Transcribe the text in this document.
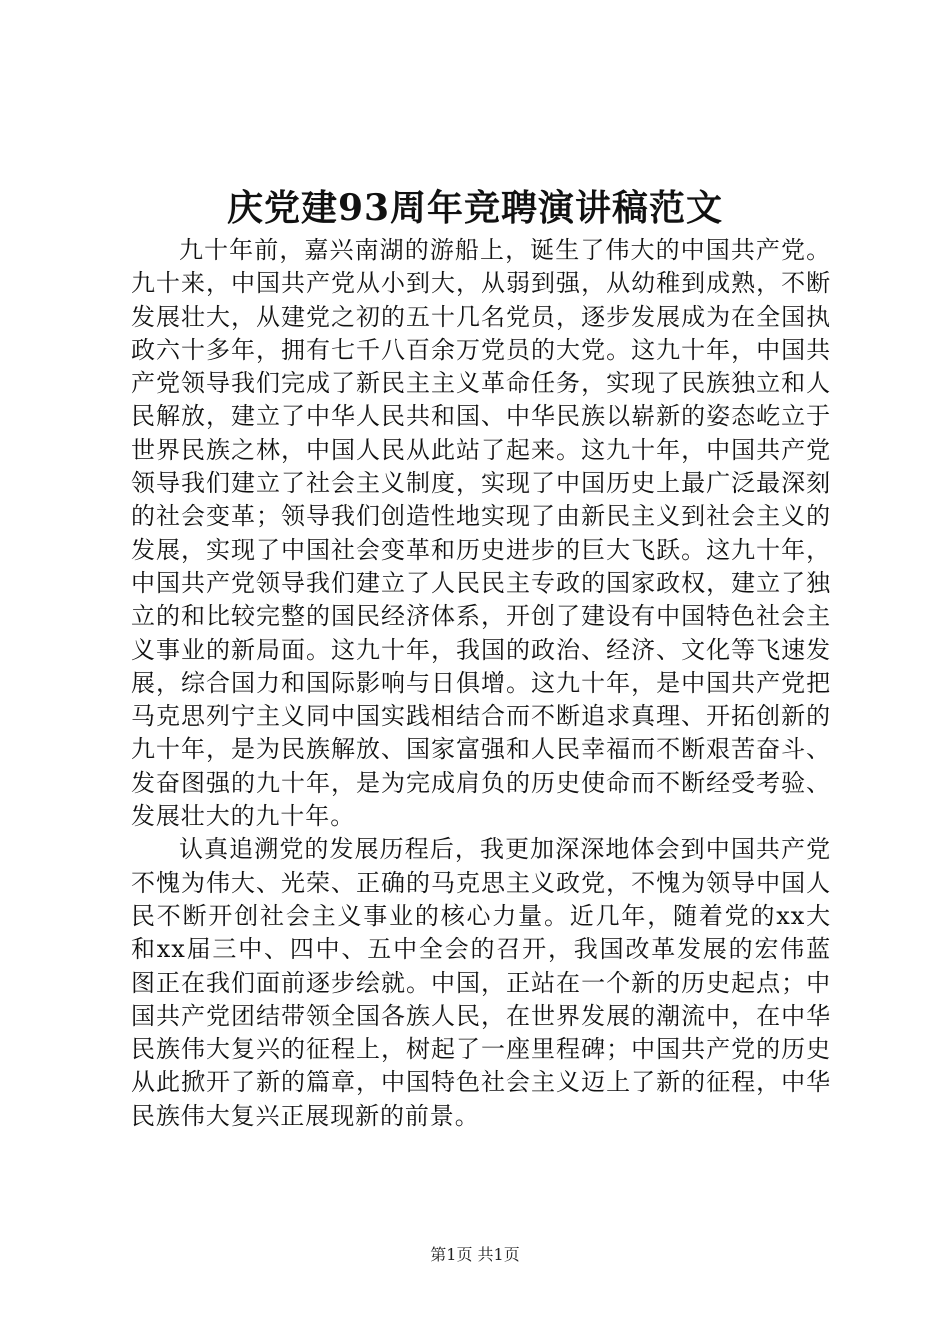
庆党建93周年竞聘演讲稿范文

九十年前，嘉兴南湖的游船上，诞生了伟大的中国共产党。九十来，中国共产党从小到大，从弱到强，从幼稚到成熟，不断发展壮大，从建党之初的五十几名党员，逐步发展成为在全国执政六十多年，拥有七千八百余万党员的大党。这九十年，中国共产党领导我们完成了新民主主义革命任务，实现了民族独立和人民解放，建立了中华人民共和国、中华民族以崭新的姿态屹立于世界民族之林，中国人民从此站了起来。这九十年，中国共产党领导我们建立了社会主义制度，实现了中国历史上最广泛最深刻的社会变革；领导我们创造性地实现了由新民主义到社会主义的发展，实现了中国社会变革和历史进步的巨大飞跃。这九十年，中国共产党领导我们建立了人民民主专政的国家政权，建立了独立的和比较完整的国民经济体系，开创了建设有中国特色社会主义事业的新局面。这九十年，我国的政治、经济、文化等飞速发展，综合国力和国际影响与日俱增。这九十年，是中国共产党把马克思列宁主义同中国实践相结合而不断追求真理、开拓创新的九十年，是为民族解放、国家富强和人民幸福而不断艰苦奋斗、发奋图强的九十年，是为完成肩负的历史使命而不断经受考验、发展壮大的九十年。

认真追溯党的发展历程后，我更加深深地体会到中国共产党不愧为伟大、光荣、正确的马克思主义政党，不愧为领导中国人民不断开创社会主义事业的核心力量。近几年，随着党的xx大和xx届三中、四中、五中全会的召开，我国改革发展的宏伟蓝图正在我们面前逐步绘就。中国，正站在一个新的历史起点；中国共产党团结带领全国各族人民，在世界发展的潮流中，在中华民族伟大复兴的征程上，树起了一座里程碑；中国共产党的历史从此掀开了新的篇章，中国特色社会主义迈上了新的征程，中华民族伟大复兴正展现新的前景。

第1页 共1页
